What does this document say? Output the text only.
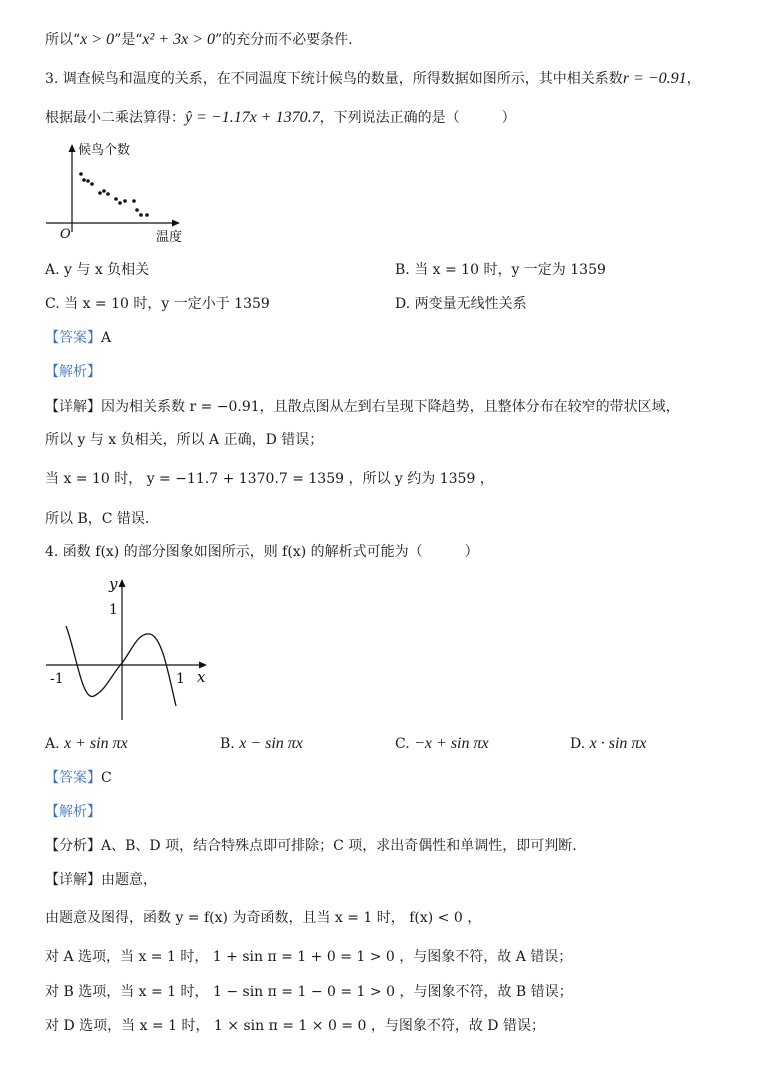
所以“x > 0”是“x² + 3x > 0”的充分而不必要条件.
3. 调查候鸟和温度的关系，在不同温度下统计候鸟的数量，所得数据如图所示，其中相关系数r = −0.91，
根据最小二乘法算得：ŷ = −1.17x + 1370.7，下列说法正确的是（　　　）
候鸟个数
温度
O
A. y 与 x 负相关	B. 当 x = 10 时，y 一定为 1359
C. 当 x = 10 时，y 一定小于 1359	D. 两变量无线性关系
【答案】A
【解析】
【详解】因为相关系数 r = −0.91，且散点图从左到右呈现下降趋势，且整体分布在较窄的带状区域，
所以 y 与 x 负相关，所以 A 正确，D 错误；
当 x = 10 时， y = −11.7 + 1370.7 = 1359 ，所以 y 约为 1359 ，
所以 B，C 错误.
4. 函数 f(x) 的部分图象如图所示，则 f(x) 的解析式可能为（　　　）
y
x
1
-1	1
A. x + sin πx	B. x − sin πx	C. −x + sin πx	D. x · sin πx
【答案】C
【解析】
【分析】A、B、D 项，结合特殊点即可排除；C 项，求出奇偶性和单调性，即可判断.
【详解】由题意，
由题意及图得，函数 y = f(x) 为奇函数，且当 x = 1 时， f(x) < 0 ，
对 A 选项，当 x = 1 时， 1 + sin π = 1 + 0 = 1 > 0 ，与图象不符，故 A 错误；
对 B 选项，当 x = 1 时， 1 − sin π = 1 − 0 = 1 > 0 ，与图象不符，故 B 错误；
对 D 选项，当 x = 1 时， 1 × sin π = 1 × 0 = 0 ，与图象不符，故 D 错误；
